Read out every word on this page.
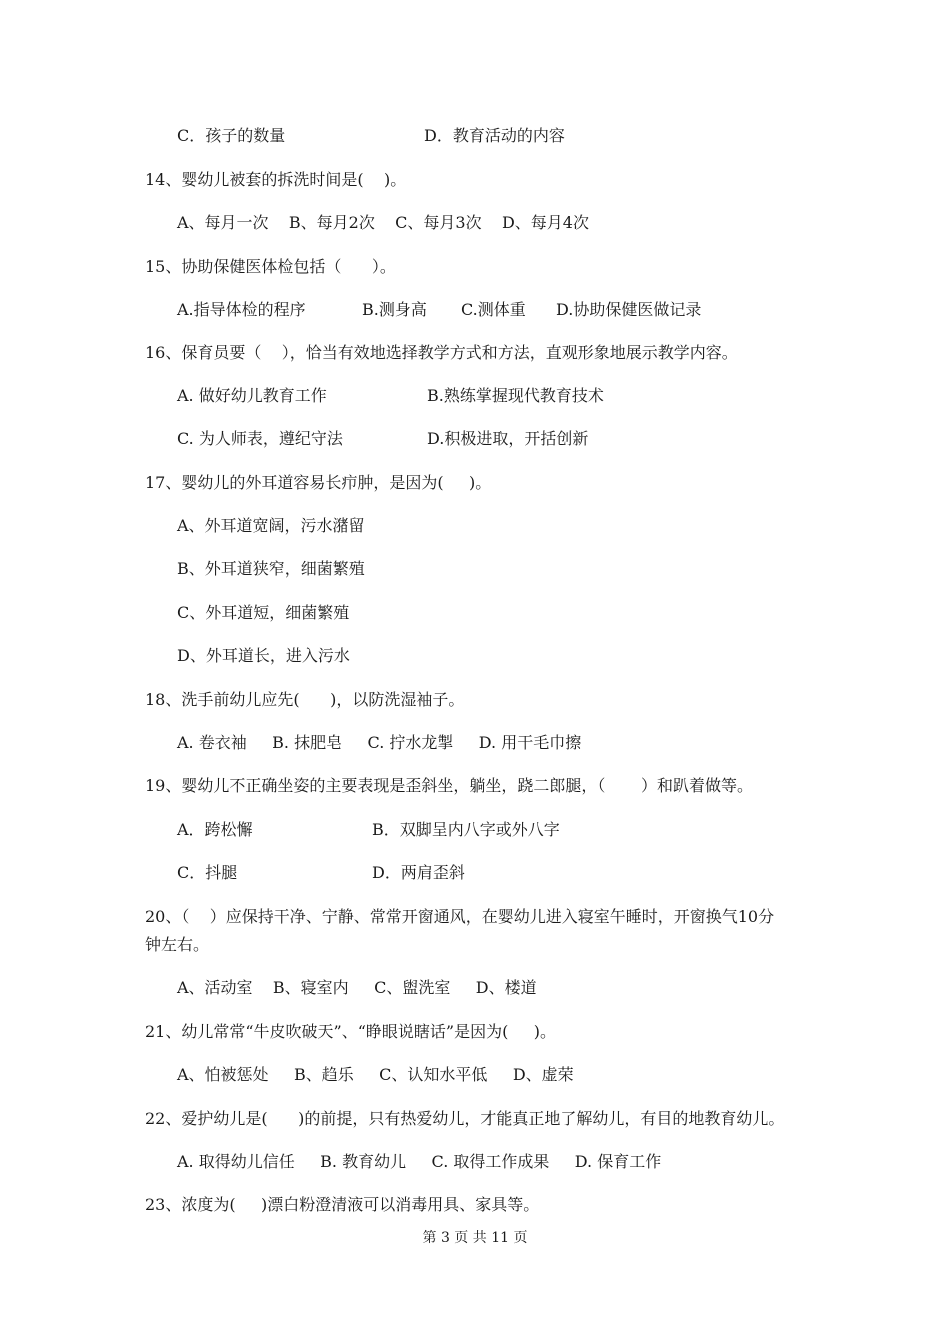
C．孩子的数量	D．教育活动的内容
14、婴幼儿被套的拆洗时间是(    )。
A、每月一次    B、每月2次    C、每月3次    D、每月4次
15、协助保健医体检包括（      ）。
A.指导体检的程序	B.测身高 C.测体重 D.协助保健医做记录
16、保育员要（    ），恰当有效地选择教学方式和方法，直观形象地展示教学内容。
A. 做好幼儿教育工作	B.熟练掌握现代教育技术
C. 为人师表，遵纪守法	D.积极进取，开括创新
17、婴幼儿的外耳道容易长疖肿，是因为(     )。
A、外耳道宽阔，污水潴留
B、外耳道狭窄，细菌繁殖
C、外耳道短，细菌繁殖
D、外耳道长，进入污水
18、洗手前幼儿应先(      )，以防洗湿袖子。
A. 卷衣袖     B. 抹肥皂     C. 拧水龙掣     D. 用干毛巾擦
19、婴幼儿不正确坐姿的主要表现是歪斜坐，躺坐，跷二郎腿，（       ）和趴着做等。
A．跨松懈	B．双脚呈内八字或外八字
C．抖腿	D．两肩歪斜
20、（    ）应保持干净、宁静、常常开窗通风，在婴幼儿进入寝室午睡时，开窗换气10分
钟左右。
A、活动室    B、寝室内     C、盥洗室     D、楼道
21、幼儿常常“牛皮吹破天”、“睁眼说瞎话”是因为(     )。
A、怕被惩处     B、趋乐     C、认知水平低     D、虚荣
22、爱护幼儿是(      )的前提，只有热爱幼儿，才能真正地了解幼儿，有目的地教育幼儿。
A. 取得幼儿信任     B. 教育幼儿     C. 取得工作成果     D. 保育工作
23、浓度为(     )漂白粉澄清液可以消毒用具、家具等。
第 3 页 共 11 页
